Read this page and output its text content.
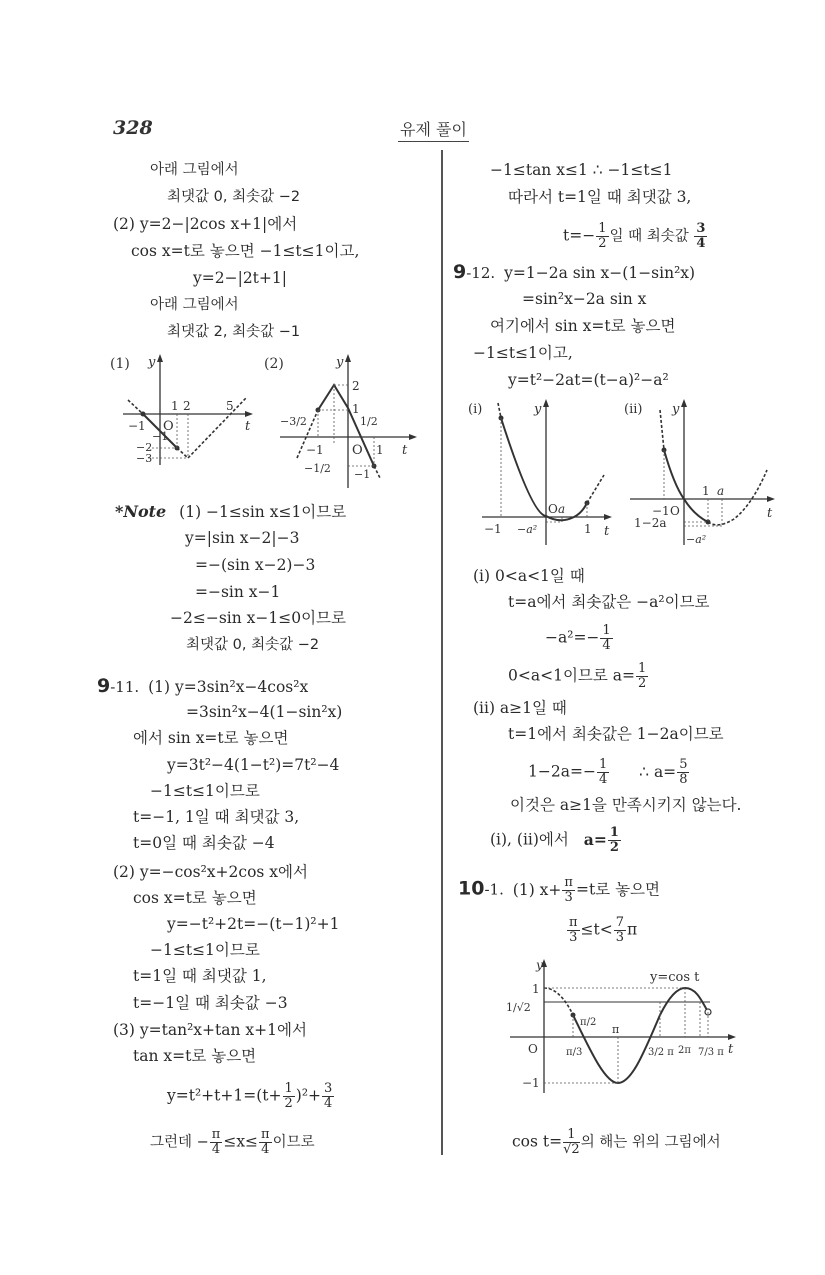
328	유제 풀이
아래 그림에서
최댓값 0, 최솟값 −2
(2) y=2−|2cos x+1|에서
cos x=t로 놓으면 −1≤t≤1이고,
y=2−|2t+1|
아래 그림에서
최댓값 2, 최솟값 −1
(1) y
t
O
−1
1 2	5
−1
−2
−3
(2)	y
t
O
2
1
1
−1
−3/2	1/2
−1/2 −1
*Note (1) −1≤sin x≤1이므로
y=|sin x−2|−3
=−(sin x−2)−3
=−sin x−1
−2≤−sin x−1≤0이므로
최댓값 0, 최솟값 −2
9-11. (1) y=3sin²x−4cos²x
=3sin²x−4(1−sin²x)
에서 sin x=t로 놓으면
y=3t²−4(1−t²)=7t²−4
−1≤t≤1이므로
t=−1, 1일 때 최댓값 3,
t=0일 때 최솟값 −4
(2) y=−cos²x+2cos x에서
cos x=t로 놓으면
y=−t²+2t=−(t−1)²+1
−1≤t≤1이므로
t=1일 때 최댓값 1,
t=−1일 때 최솟값 −3
(3) y=tan²x+tan x+1에서
tan x=t로 놓으면
$y=t^2+t+1=(t+ \frac{1}{2} )^2+ \frac{3}{4}$
그런데 − $\frac{\pi}{4} \le x\le \frac{\pi}{4}$ 이므로
−1≤tan x≤1 ∴ −1≤t≤1
따라서 t=1일 때 최댓값 3,
$t=- \frac{1}{2}$ 일 때 최솟값 $\frac{3}{4}$
9-12. y=1−2a sin x−(1−sin²x)
=sin²x−2a sin x
여기에서 sin x=t로 놓으면
−1≤t≤1이고,
y=t²−2at=(t−a)²−a²
(i)	y
t
O
−1
a
1
−a²
(ii) y
t
O
−1
1 a
1−2a
−a²
(i) 0<a<1일 때
t=a에서 최솟값은 −a²이므로
$-a^2=- \frac{1}{4}$
0<a<1이므로 $a= \frac{1}{2}$
(ii) a≥1일 때
t=1에서 최솟값은 1−2a이므로
$1-2a=- \frac{1}{4}$ ∴ $a= \frac{5}{8}$
이것은 a≥1을 만족시키지 않는다.
(i), (ii)에서 $a= \frac{1}{2}$
10-1. (1) $x+ \frac{\pi}{3} =t$로 놓으면
$\frac{\pi}{3} \le t< \frac{7}{3}$ π
y
t
O
y=cos t
1
1/√2
−1
π/3
π/2
π
3/2 π 2π 7/3 π
$\cos t= \frac{1}{√2}$ 의 해는 위의 그림에서
